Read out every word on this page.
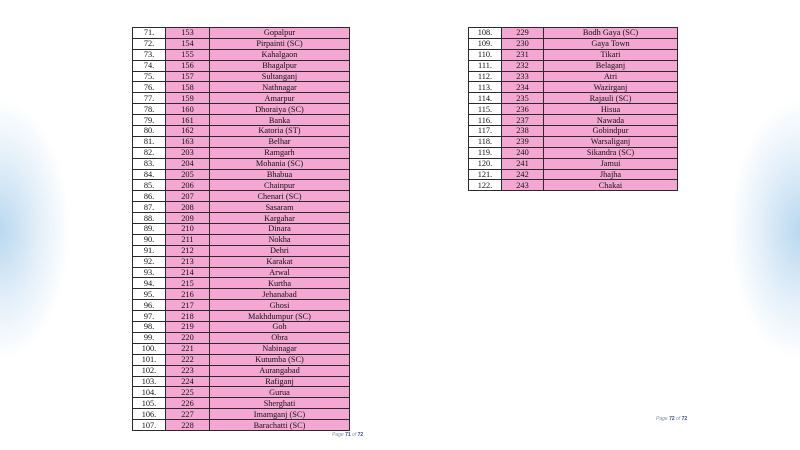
71.	153	Gopalpur
72.	154	Pirpainti (SC)
73.	155	Kahalgaon
74.	156	Bhagalpur
75.	157	Sultanganj
76.	158	Nathnagar
77.	159	Amarpur
78.	160	Dhoraiya (SC)
79.	161	Banka
80.	162	Katoria (ST)
81.	163	Belhar
82.	203	Ramgarh
83.	204	Mohania (SC)
84.	205	Bhabua
85.	206	Chainpur
86.	207	Chenari (SC)
87.	208	Sasaram
88.	209	Kargahar
89.	210	Dinara
90.	211	Nokha
91.	212	Dehri
92.	213	Karakat
93.	214	Arwal
94.	215	Kurtha
95.	216	Jehanabad
96.	217	Ghosi
97.	218	Makhdumpur (SC)
98.	219	Goh
99.	220	Obra
100.	221	Nabinagar
101.	222	Kutumba (SC)
102.	223	Aurangabad
103.	224	Rafiganj
104.	225	Gurua
105.	226	Sherghati
106.	227	Imamganj (SC)
107.	228	Barachatti (SC)
Page 71 of 72
108.	229	Bodh Gaya (SC)
109.	230	Gaya Town
110.	231	Tikari
111.	232	Belaganj
112.	233	Atri
113.	234	Wazirganj
114.	235	Rajauli (SC)
115.	236	Hisua
116.	237	Nawada
117.	238	Gobindpur
118.	239	Warsaliganj
119.	240	Sikandra (SC)
120.	241	Jamui
121.	242	Jhajha
122.	243	Chakai
Page 72 of 72
